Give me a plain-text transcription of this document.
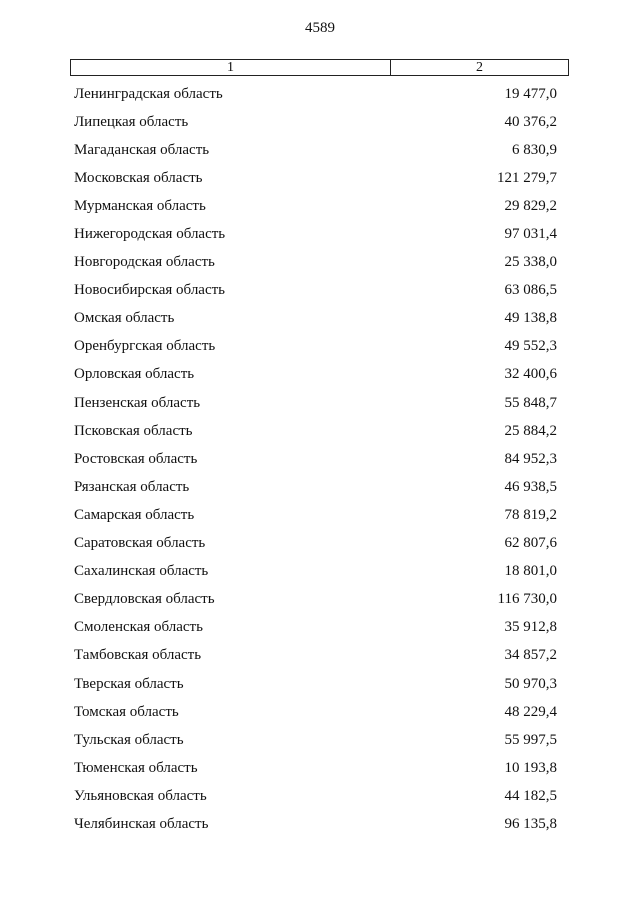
4589
1	2
Ленинградская область	19 477,0
Липецкая область	40 376,2
Магаданская область	6 830,9
Московская область	121 279,7
Мурманская область	29 829,2
Нижегородская область	97 031,4
Новгородская область	25 338,0
Новосибирская область	63 086,5
Омская область	49 138,8
Оренбургская область	49 552,3
Орловская область	32 400,6
Пензенская область	55 848,7
Псковская область	25 884,2
Ростовская область	84 952,3
Рязанская область	46 938,5
Самарская область	78 819,2
Саратовская область	62 807,6
Сахалинская область	18 801,0
Свердловская область	116 730,0
Смоленская область	35 912,8
Тамбовская область	34 857,2
Тверская область	50 970,3
Томская область	48 229,4
Тульская область	55 997,5
Тюменская область	10 193,8
Ульяновская область	44 182,5
Челябинская область	96 135,8
